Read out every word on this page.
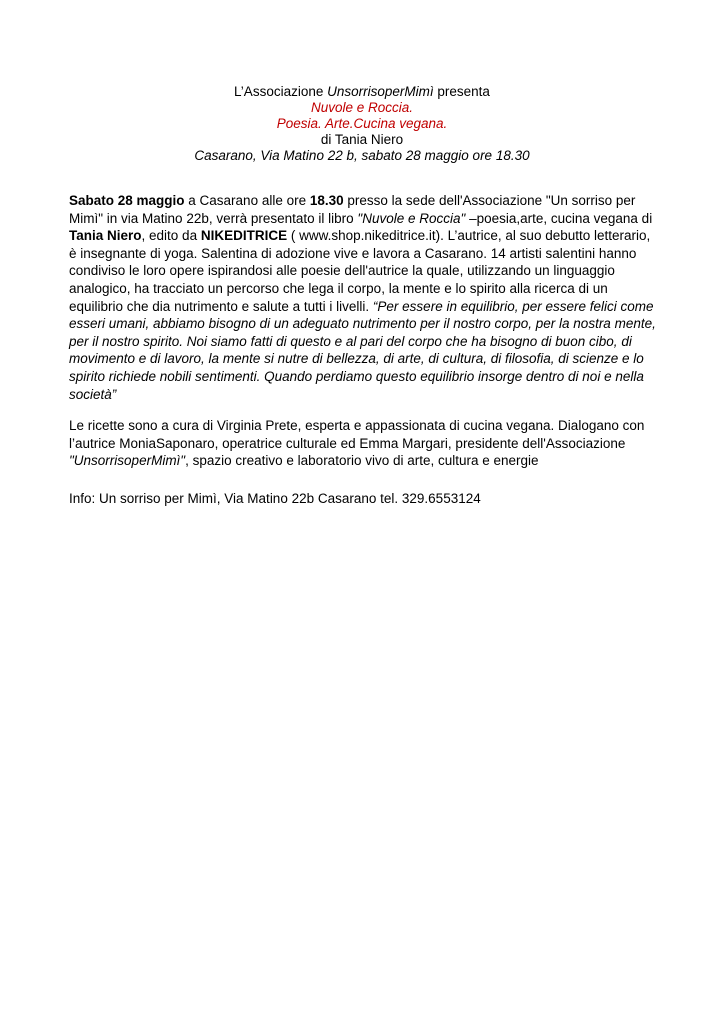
L’Associazione UnsorrisoperMimì presenta
Nuvole e Roccia.
Poesia. Arte.Cucina vegana.
di Tania Niero
Casarano, Via Matino 22 b, sabato 28 maggio ore 18.30

Sabato 28 maggio a Casarano alle ore 18.30 presso la sede dell'Associazione "Un sorriso per Mimì" in via Matino 22b, verrà presentato il libro "Nuvole e Roccia" –poesia,arte, cucina vegana di Tania Niero, edito da NIKEDITRICE ( www.shop.nikeditrice.it). L’autrice, al suo debutto letterario, è insegnante di yoga. Salentina di adozione vive e lavora a Casarano. 14 artisti salentini hanno condiviso le loro opere ispirandosi alle poesie dell'autrice la quale, utilizzando un linguaggio analogico, ha tracciato un percorso che lega il corpo, la mente e lo spirito alla ricerca di un equilibrio che dia nutrimento e salute a tutti i livelli. “Per essere in equilibrio, per essere felici come esseri umani, abbiamo bisogno di un adeguato nutrimento per il nostro corpo, per la nostra mente, per il nostro spirito. Noi siamo fatti di questo e al pari del corpo che ha bisogno di buon cibo, di movimento e di lavoro, la mente si nutre di bellezza, di arte, di cultura, di filosofia, di scienze e lo spirito richiede nobili sentimenti. Quando perdiamo questo equilibrio insorge dentro di noi e nella società”

Le ricette sono a cura di Virginia Prete, esperta e appassionata di cucina vegana. Dialogano con l’autrice MoniaSaponaro, operatrice culturale ed Emma Margari, presidente dell'Associazione "UnsorrisoperMimì", spazio creativo e laboratorio vivo di arte, cultura e energie

Info: Un sorriso per Mimì, Via Matino 22b Casarano tel. 329.6553124
